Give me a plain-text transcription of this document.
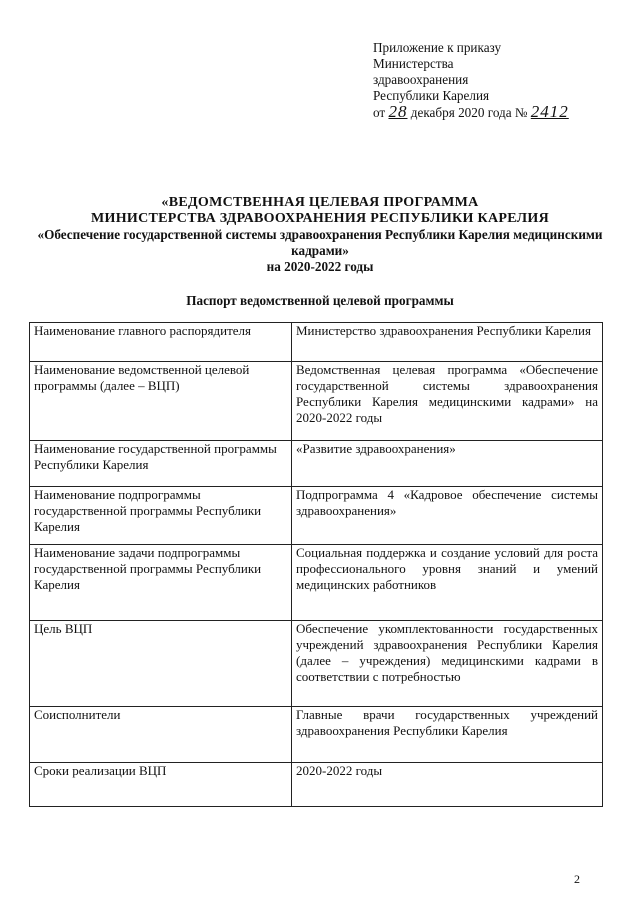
Приложение к приказу
Министерства
здравоохранения
Республики Карелия
от 28 декабря 2020 года № 2412
«ВЕДОМСТВЕННАЯ ЦЕЛЕВАЯ ПРОГРАММА
МИНИСТЕРСТВА ЗДРАВООХРАНЕНИЯ РЕСПУБЛИКИ КАРЕЛИЯ
«Обеспечение государственной системы здравоохранения Республики Карелия медицинскими кадрами»
на 2020-2022 годы
Паспорт ведомственной целевой программы
Наименование главного распорядителя	Министерство здравоохранения Республики Карелия
Наименование ведомственной целевой программы (далее – ВЦП)	Ведомственная целевая программа «Обеспечение государственной системы здравоохранения Республики Карелия медицинскими кадрами» на 2020-2022 годы
Наименование государственной программы Республики Карелия	«Развитие здравоохранения»
Наименование подпрограммы государственной программы Республики Карелия	Подпрограмма 4 «Кадровое обеспечение системы здравоохранения»
Наименование задачи подпрограммы государственной программы Республики Карелия	Социальная поддержка и создание условий для роста профессионального уровня знаний и умений медицинских работников
Цель ВЦП	Обеспечение укомплектованности государственных учреждений здравоохранения Республики Карелия (далее – учреждения) медицинскими кадрами в соответствии с потребностью
Соисполнители	Главные врачи государственных учреждений здравоохранения Республики Карелия
Сроки реализации ВЦП	2020-2022 годы
2
